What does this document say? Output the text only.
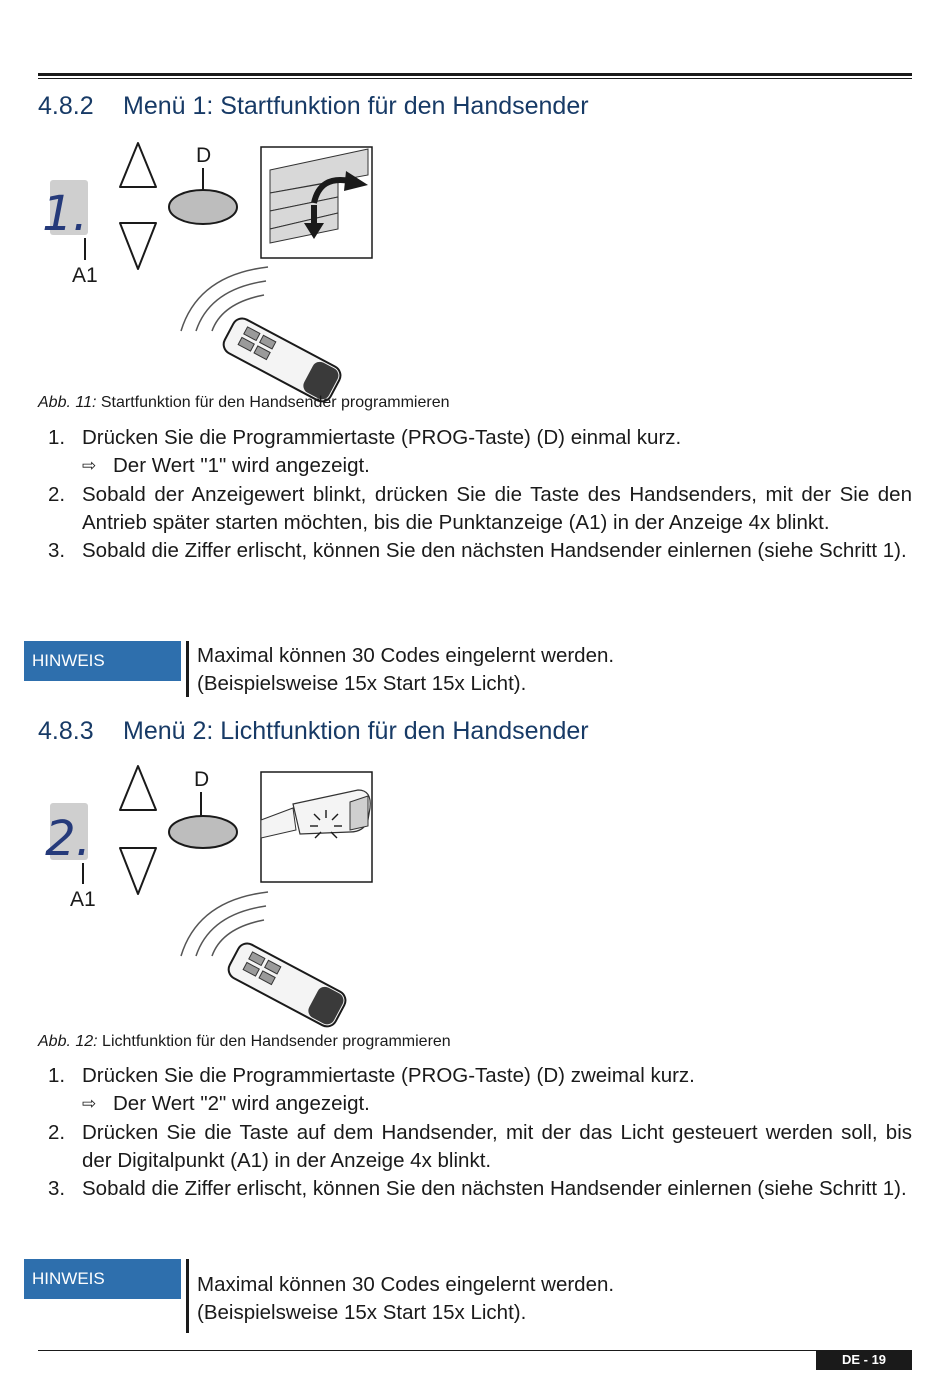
4.8.2 Menü 1: Startfunktion für den Handsender
1.
A1
D
Abb. 11: Startfunktion für den Handsender programmieren
1. Drücken Sie die Programmiertaste (PROG-Taste) (D) einmal kurz.
⇨ Der Wert "1" wird angezeigt.
2. Sobald der Anzeigewert blinkt, drücken Sie die Taste des Handsenders, mit der Sie den Antrieb später starten möchten, bis die Punktanzeige (A1) in der Anzeige 4x blinkt.
3. Sobald die Ziffer erlischt, können Sie den nächsten Handsender einlernen (siehe Schritt 1).
HINWEIS	Maximal können 30 Codes eingelernt werden.
(Beispielsweise 15x Start 15x Licht).
4.8.3 Menü 2: Lichtfunktion für den Handsender
2.
A1
D
Abb. 12: Lichtfunktion für den Handsender programmieren
1. Drücken Sie die Programmiertaste (PROG-Taste) (D) zweimal kurz.
⇨ Der Wert "2" wird angezeigt.
2. Drücken Sie die Taste auf dem Handsender, mit der das Licht gesteuert werden soll, bis der Digitalpunkt (A1) in der Anzeige 4x blinkt.
3. Sobald die Ziffer erlischt, können Sie den nächsten Handsender einlernen (siehe Schritt 1).
HINWEIS	Maximal können 30 Codes eingelernt werden.
(Beispielsweise 15x Start 15x Licht).
DE - 19
